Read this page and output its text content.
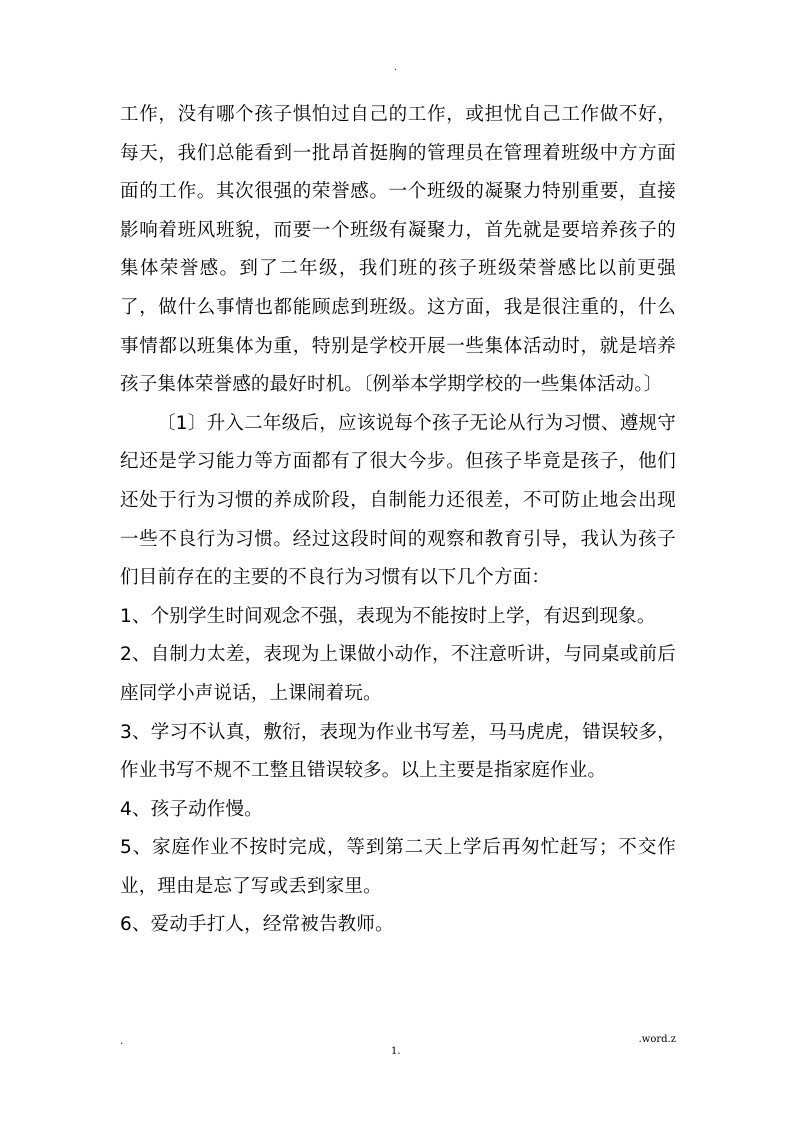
.

工作，没有哪个孩子惧怕过自己的工作，或担忧自己工作做不好，每天，我们总能看到一批昂首挺胸的管理员在管理着班级中方方面面的工作。其次很强的荣誉感。一个班级的凝聚力特别重要，直接影响着班风班貌，而要一个班级有凝聚力，首先就是要培养孩子的集体荣誉感。到了二年级，我们班的孩子班级荣誉感比以前更强了，做什么事情也都能顾虑到班级。这方面，我是很注重的，什么事情都以班集体为重，特别是学校开展一些集体活动时，就是培养孩子集体荣誉感的最好时机。〔例举本学期学校的一些集体活动。〕

〔1〕升入二年级后，应该说每个孩子无论从行为习惯、遵规守纪还是学习能力等方面都有了很大今步。但孩子毕竟是孩子，他们还处于行为习惯的养成阶段，自制能力还很差，不可防止地会出现一些不良行为习惯。经过这段时间的观察和教育引导，我认为孩子们目前存在的主要的不良行为习惯有以下几个方面：

1、个别学生时间观念不强，表现为不能按时上学，有迟到现象。

2、自制力太差，表现为上课做小动作，不注意听讲，与同桌或前后座同学小声说话，上课闹着玩。

3、学习不认真，敷衍，表现为作业书写差，马马虎虎，错误较多，作业书写不规不工整且错误较多。以上主要是指家庭作业。

4、孩子动作慢。

5、家庭作业不按时完成，等到第二天上学后再匆忙赶写；不交作业，理由是忘了写或丢到家里。

6、爱动手打人，经常被告教师。

.	.word.z
1.
